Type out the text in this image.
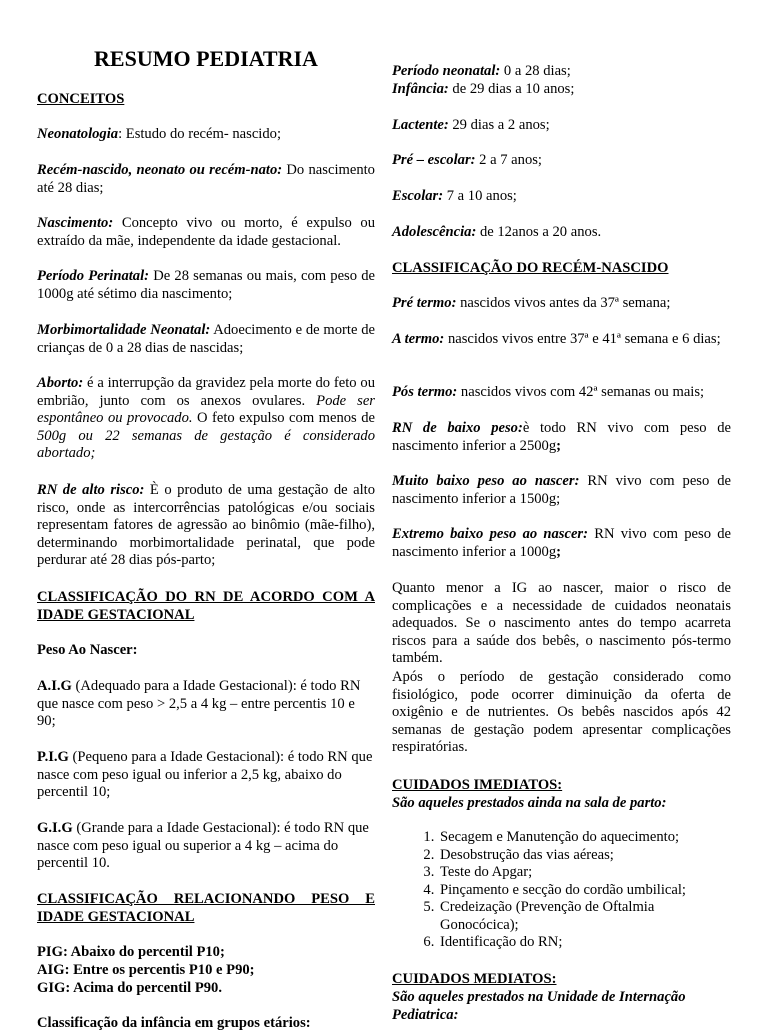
RESUMO PEDIATRIA

CONCEITOS

Neonatologia: Estudo do recém- nascido;

Recém-nascido, neonato ou recém-nato: Do nascimento até 28 dias;

Nascimento: Concepto vivo ou morto, é expulso ou extraído da mãe, independente da idade gestacional.

Período Perinatal: De 28 semanas ou mais, com peso de 1000g até sétimo dia nascimento;

Morbimortalidade Neonatal: Adoecimento e de morte de crianças de 0 a 28 dias de nascidas;

Aborto: é a interrupção da gravidez pela morte do feto ou embrião, junto com os anexos ovulares. Pode ser espontâneo ou provocado. O feto expulso com menos de 500g ou 22 semanas de gestação é considerado abortado;

RN de alto risco: È o produto de uma gestação de alto risco, onde as intercorrências patológicas e/ou sociais representam fatores de agressão ao binômio (mãe-filho), determinando morbimortalidade perinatal, que pode perdurar até 28 dias pós-parto;

CLASSIFICAÇÃO DO RN DE ACORDO COM A IDADE GESTACIONAL

Peso Ao Nascer:

A.I.G (Adequado para a Idade Gestacional): é todo RN que nasce com peso > 2,5 a 4 kg – entre percentis 10 e 90;

P.I.G (Pequeno para a Idade Gestacional): é todo RN que nasce com peso igual ou inferior a 2,5 kg, abaixo do percentil 10;

G.I.G (Grande para a Idade Gestacional): é todo RN que nasce com peso igual ou superior a 4 kg – acima do percentil 10.

CLASSIFICAÇÃO RELACIONANDO PESO E IDADE GESTACIONAL

PIG: Abaixo do percentil P10;

AIG: Entre os percentis P10 e P90;

GIG: Acima do percentil P90.

Classificação da infância em grupos etários:

Período neonatal: 0 a 28 dias;

Infância: de 29 dias a 10 anos;

Lactente: 29 dias a 2 anos;

Pré – escolar: 2 a 7 anos;

Escolar: 7 a 10 anos;

Adolescência: de 12anos a 20 anos.

CLASSIFICAÇÃO DO RECÉM-NASCIDO

Pré termo: nascidos vivos antes da 37ª semana;

A termo: nascidos vivos entre 37ª e 41ª semana e 6 dias;

Pós termo: nascidos vivos com 42ª semanas ou mais;

RN de baixo peso:è todo RN vivo com peso de nascimento inferior a 2500g;

Muito baixo peso ao nascer: RN vivo com peso de nascimento inferior a 1500g;

Extremo baixo peso ao nascer: RN vivo com peso de nascimento inferior a 1000g;

Quanto menor a IG ao nascer, maior o risco de complicações e a necessidade de cuidados neonatais adequados. Se o nascimento antes do tempo acarreta riscos para a saúde dos bebês, o nascimento pós-termo também.

Após o período de gestação considerado como fisiológico, pode ocorrer diminuição da oferta de oxigênio e de nutrientes. Os bebês nascidos após 42 semanas de gestação podem apresentar complicações respiratórias.

CUIDADOS IMEDIATOS:

São aqueles prestados ainda na sala de parto:

1. Secagem e Manutenção do aquecimento;
2. Desobstrução das vias aéreas;
3. Teste do Apgar;
4. Pinçamento e secção do cordão umbilical;
5. Credeização (Prevenção de Oftalmia Gonocócica);
6. Identificação do RN;

CUIDADOS MEDIATOS:

São aqueles prestados na Unidade de Internação Pediatrica:
